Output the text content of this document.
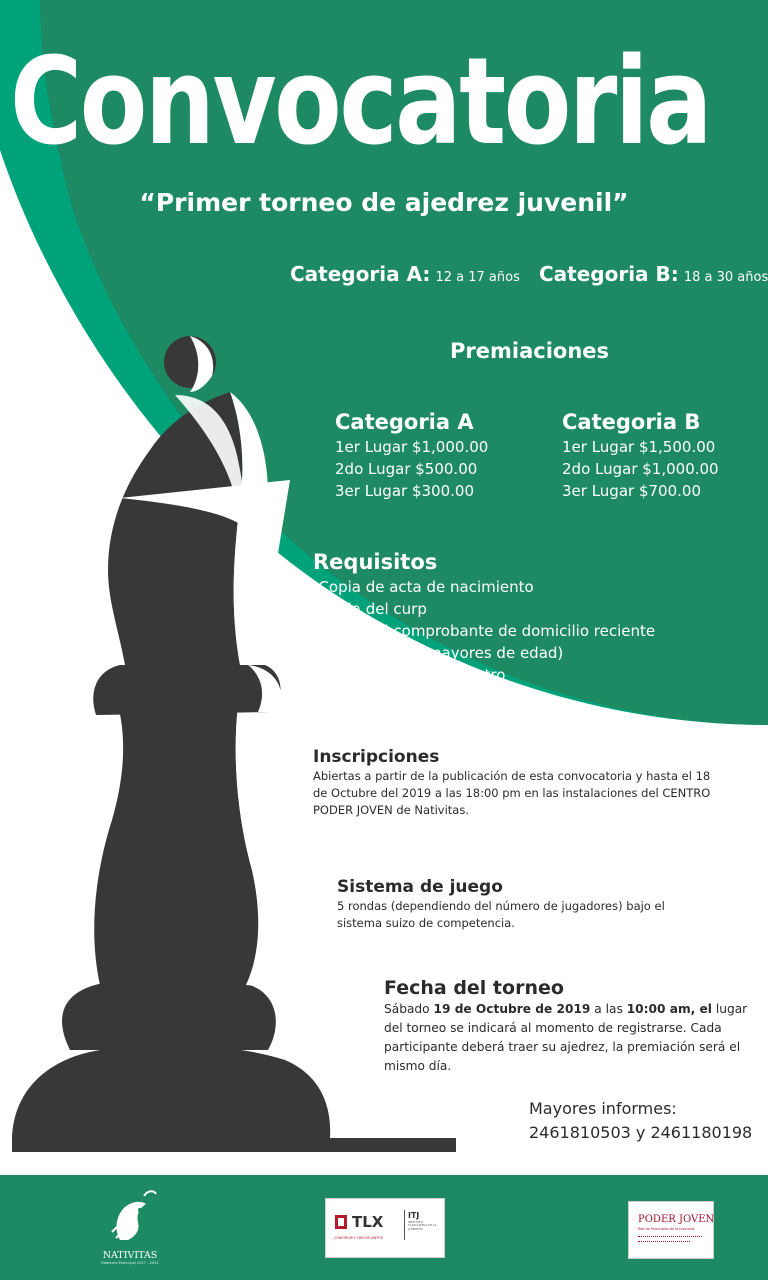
Convocatoria
“Primer torneo de ajedrez juvenil”
Categoria A: 12 a 17 años Categoria B: 18 a 30 años
Premiaciones
Categoria A
1er Lugar $1,000.00
2do Lugar $500.00
3er Lugar $300.00
Categoria B
1er Lugar $1,500.00
2do Lugar $1,000.00
3er Lugar $700.00
Requisitos
-Copia de acta de nacimiento
-Copia del curp
-Copia del comprobante de domicilio reciente
-copia del INE (mayores de edad)
-Llenar cédula de registro
Inscripciones
Abiertas a partir de la publicación de esta convocatoria y hasta el 18 de Octubre del 2019 a las 18:00 pm en las instalaciones del CENTRO PODER JOVEN de Nativitas.
Sistema de juego
5 rondas (dependiendo del número de jugadores) bajo el sistema suizo de competencia.
Fecha del torneo
Sábado 19 de Octubre de 2019 a las 10:00 am, el lugar del torneo se indicará al momento de registrarse. Cada participante deberá traer su ajedrez, la premiación será el mismo día.
Mayores informes:
2461810503 y 2461180198
NATIVITAS
Gobierno Municipal 2017 - 2021
TLX
CONSTRUIR Y CRECER JUNTOS
ITJ
INSTITUTO TLAXCALTECA DE LA JUVENTUD
PODER JOVEN
Red de Municipios de la Juventud
